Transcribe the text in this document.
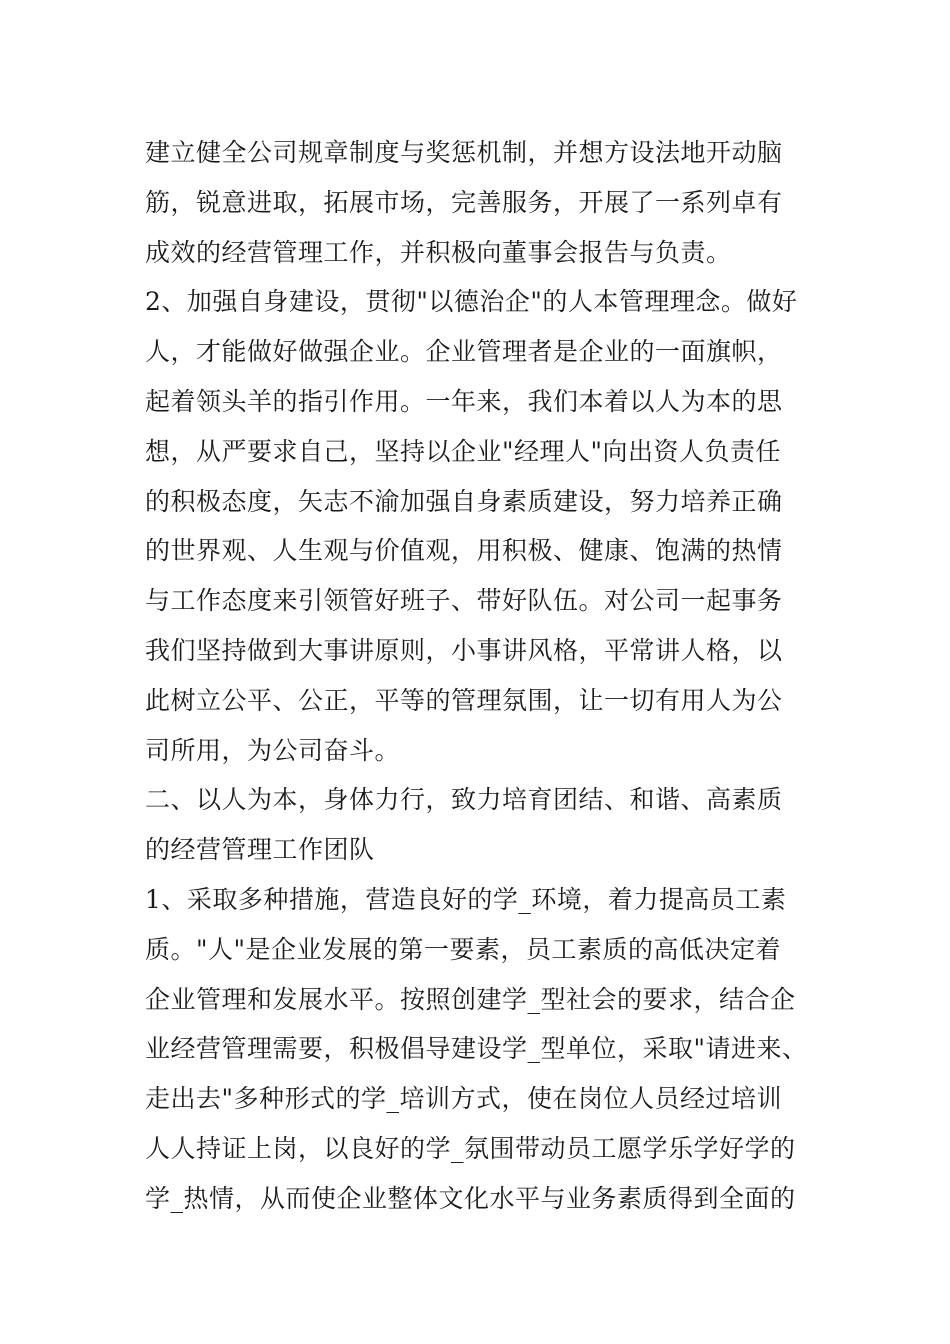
建立健全公司规章制度与奖惩机制，并想方设法地开动脑
筋，锐意进取，拓展市场，完善服务，开展了一系列卓有
成效的经营管理工作，并积极向董事会报告与负责。
2、加强自身建设，贯彻"以德治企"的人本管理理念。做好
人，才能做好做强企业。企业管理者是企业的一面旗帜，
起着领头羊的指引作用。一年来，我们本着以人为本的思
想，从严要求自己，坚持以企业"经理人"向出资人负责任
的积极态度，矢志不渝加强自身素质建设，努力培养正确
的世界观、人生观与价值观，用积极、健康、饱满的热情
与工作态度来引领管好班子、带好队伍。对公司一起事务
我们坚持做到大事讲原则，小事讲风格，平常讲人格，以
此树立公平、公正，平等的管理氛围，让一切有用人为公
司所用，为公司奋斗。
二、以人为本，身体力行，致力培育团结、和谐、高素质
的经营管理工作团队
1、采取多种措施，营造良好的学_环境，着力提高员工素
质。"人"是企业发展的第一要素，员工素质的高低决定着
企业管理和发展水平。按照创建学_型社会的要求，结合企
业经营管理需要，积极倡导建设学_型单位，采取"请进来、
走出去"多种形式的学_培训方式，使在岗位人员经过培训
人人持证上岗，以良好的学_氛围带动员工愿学乐学好学的
学_热情，从而使企业整体文化水平与业务素质得到全面的
